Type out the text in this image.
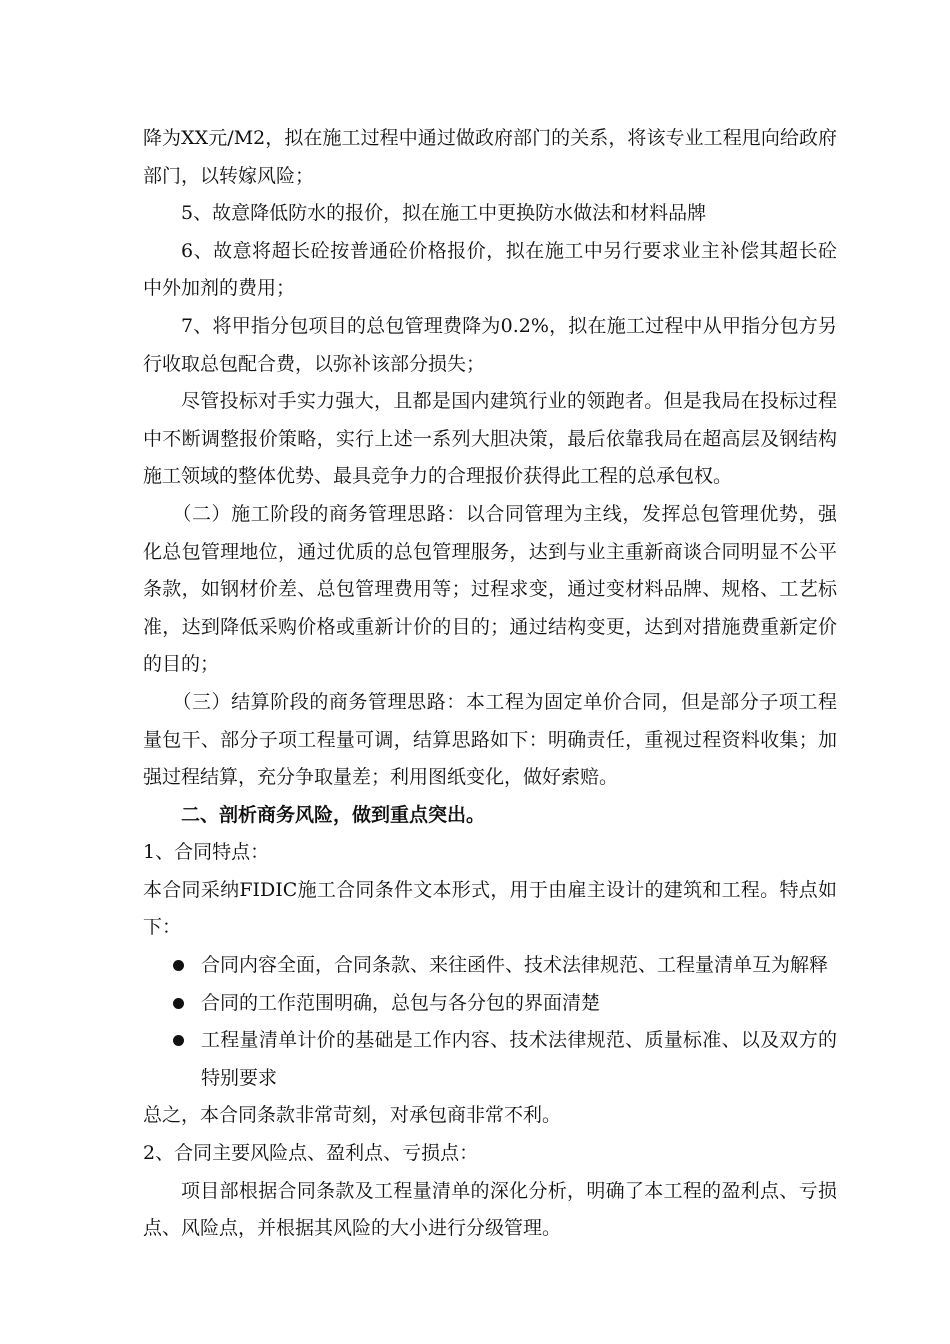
降为XX元/M2，拟在施工过程中通过做政府部门的关系，将该专业工程甩向给政府部门，以转嫁风险；

5、故意降低防水的报价，拟在施工中更换防水做法和材料品牌

6、故意将超长砼按普通砼价格报价，拟在施工中另行要求业主补偿其超长砼中外加剂的费用；

7、将甲指分包项目的总包管理费降为0.2%，拟在施工过程中从甲指分包方另行收取总包配合费，以弥补该部分损失；

尽管投标对手实力强大，且都是国内建筑行业的领跑者。但是我局在投标过程中不断调整报价策略，实行上述一系列大胆决策，最后依靠我局在超高层及钢结构施工领域的整体优势、最具竞争力的合理报价获得此工程的总承包权。

（二）施工阶段的商务管理思路：以合同管理为主线，发挥总包管理优势，强化总包管理地位，通过优质的总包管理服务，达到与业主重新商谈合同明显不公平条款，如钢材价差、总包管理费用等；过程求变，通过变材料品牌、规格、工艺标准，达到降低采购价格或重新计价的目的；通过结构变更，达到对措施费重新定价的目的；

（三）结算阶段的商务管理思路：本工程为固定单价合同，但是部分子项工程量包干、部分子项工程量可调，结算思路如下：明确责任，重视过程资料收集；加强过程结算，充分争取量差；利用图纸变化，做好索赔。

二、剖析商务风险，做到重点突出。

1、合同特点：

本合同采纳FIDIC施工合同条件文本形式，用于由雇主设计的建筑和工程。特点如下：

合同内容全面，合同条款、来往函件、技术法律规范、工程量清单互为解释
合同的工作范围明确，总包与各分包的界面清楚
工程量清单计价的基础是工作内容、技术法律规范、质量标准、以及双方的特别要求

总之，本合同条款非常苛刻，对承包商非常不利。

2、合同主要风险点、盈利点、亏损点：

项目部根据合同条款及工程量清单的深化分析，明确了本工程的盈利点、亏损点、风险点，并根据其风险的大小进行分级管理。
